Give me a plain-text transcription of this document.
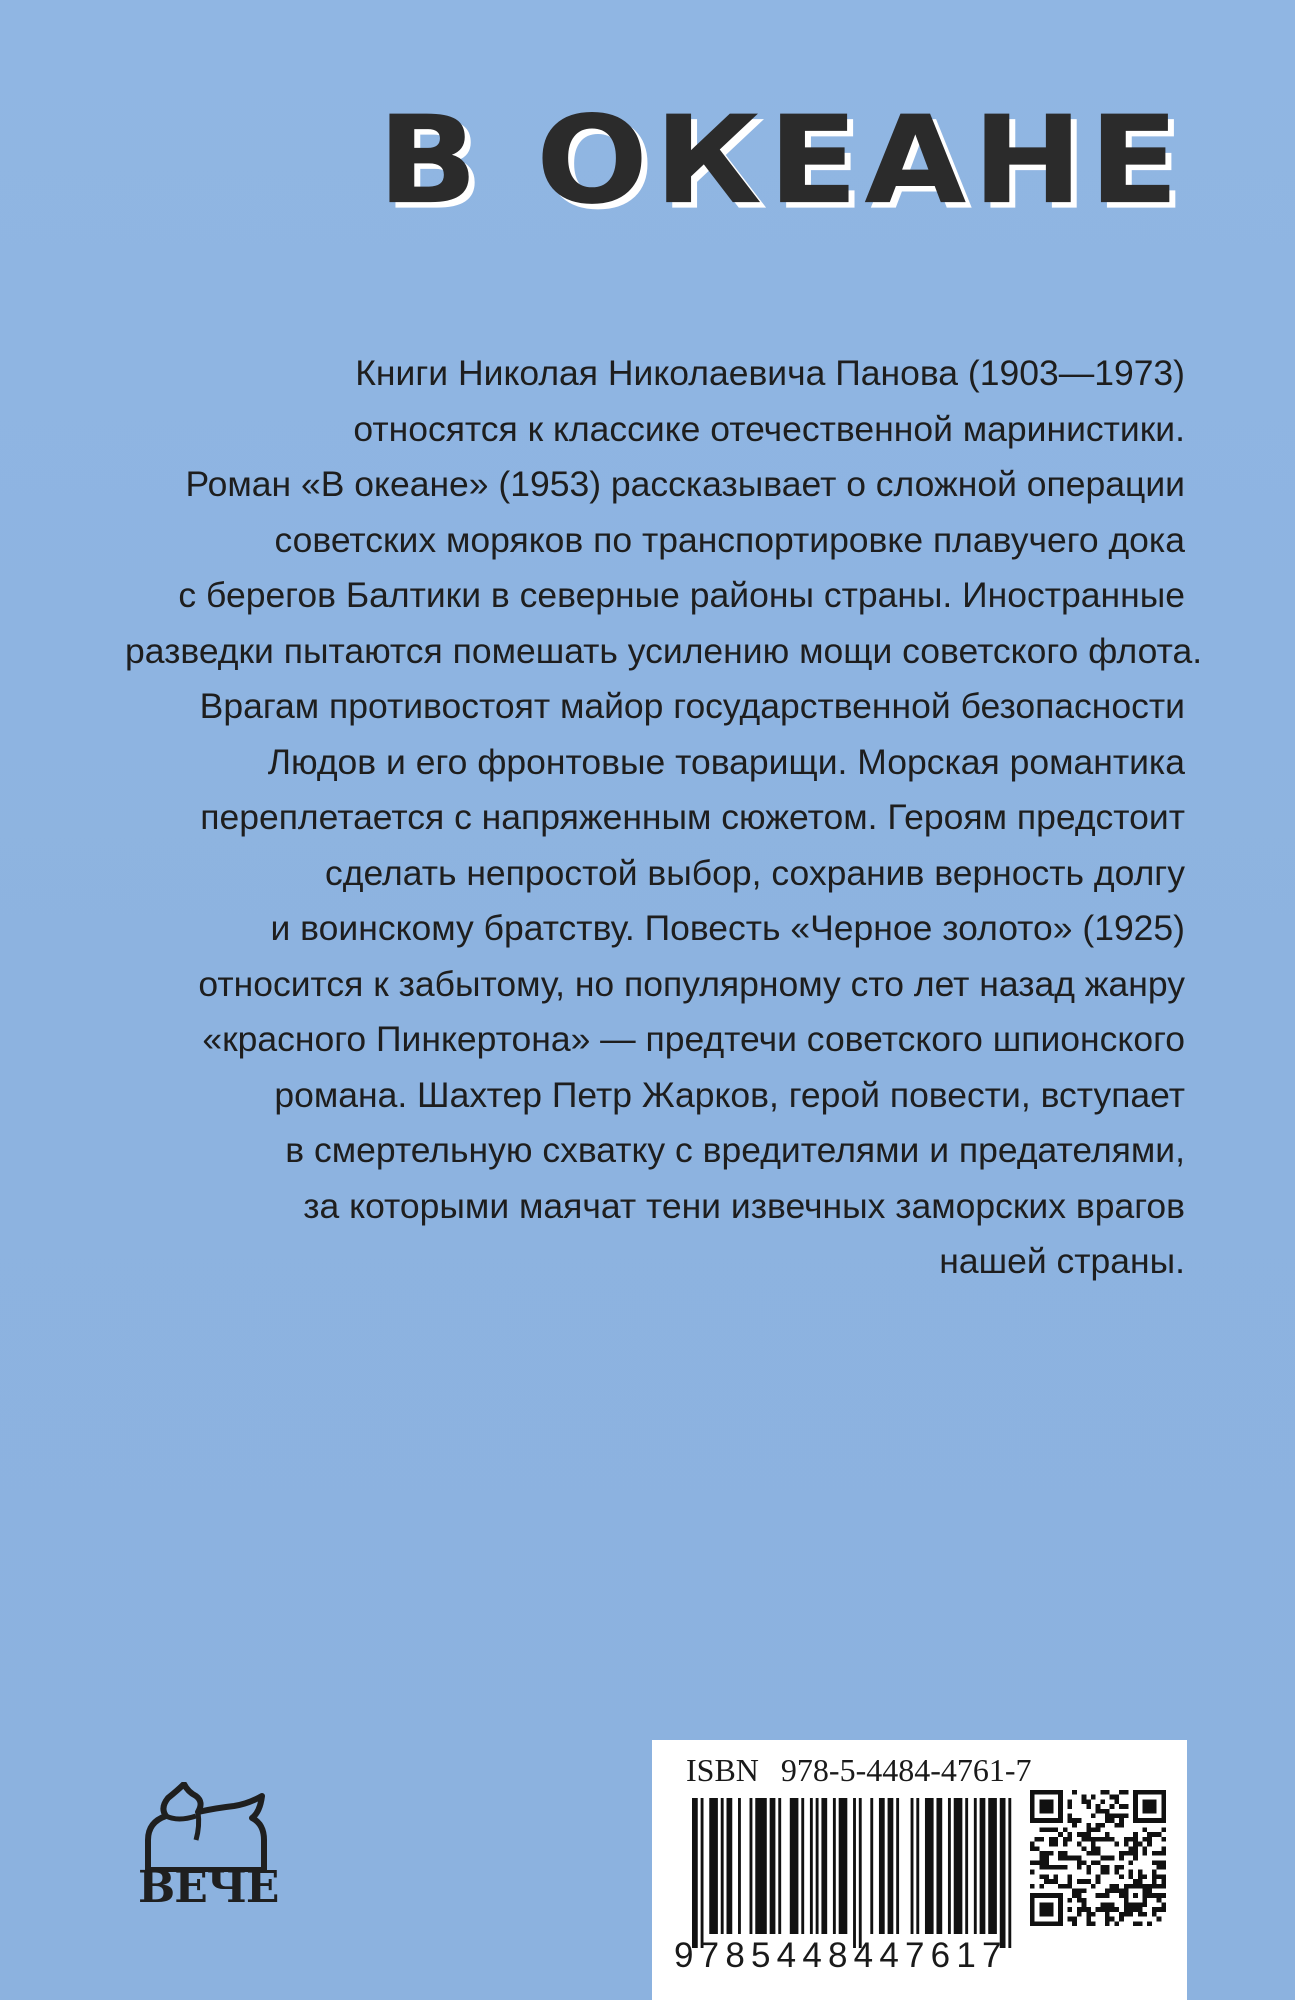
В ОКЕАНЕ

Книги Николая Николаевича Панова (1903—1973)
относятся к классике отечественной маринистики.
Роман «В океане» (1953) рассказывает о сложной операции
советских моряков по транспортировке плавучего дока
с берегов Балтики в северные районы страны. Иностранные
разведки пытаются помешать усилению мощи советского флота.
Врагам противостоят майор государственной безопасности
Людов и его фронтовые товарищи. Морская романтика
переплетается с напряженным сюжетом. Героям предстоит
сделать непростой выбор, сохранив верность долгу
и воинскому братству. Повесть «Черное золото» (1925)
относится к забытому, но популярному сто лет назад жанру
«красного Пинкертона» — предтечи советского шпионского
романа. Шахтер Петр Жарков, герой повести, вступает
в смертельную схватку с вредителями и предателями,
за которыми маячат тени извечных заморских врагов
нашей страны.

ВЕЧЕ
ISBN 978-5-4484-4761-7
9785448447617
